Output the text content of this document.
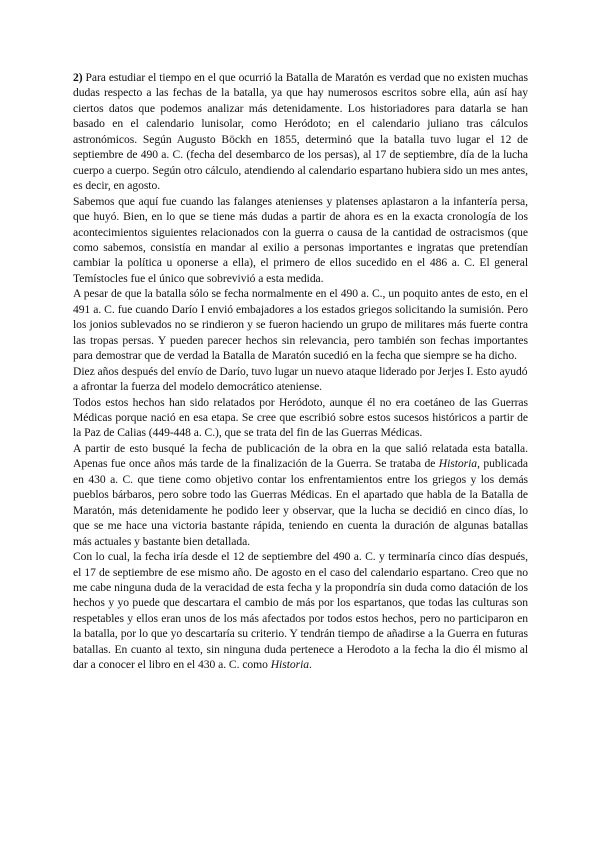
2) Para estudiar el tiempo en el que ocurrió la Batalla de Maratón es verdad que no existen muchas dudas respecto a las fechas de la batalla, ya que hay numerosos escritos sobre ella, aún así hay ciertos datos que podemos analizar más detenidamente. Los historiadores para datarla se han basado en el calendario lunisolar, como Heródoto; en el calendario juliano tras cálculos astronómicos. Según Augusto Böckh en 1855, determinó que la batalla tuvo lugar el 12 de septiembre de 490 a. C. (fecha del desembarco de los persas), al 17 de septiembre, día de la lucha cuerpo a cuerpo. Según otro cálculo, atendiendo al calendario espartano hubiera sido un mes antes, es decir, en agosto.

Sabemos que aquí fue cuando las falanges atenienses y platenses aplastaron a la infantería persa, que huyó. Bien, en lo que se tiene más dudas a partir de ahora es en la exacta cronología de los acontecimientos siguientes relacionados con la guerra o causa de la cantidad de ostracismos (que como sabemos, consistía en mandar al exilio a personas importantes e ingratas que pretendían cambiar la política u oponerse a ella), el primero de ellos sucedido en el 486 a. C. El general Temístocles fue el único que sobrevivió a esta medida.

A pesar de que la batalla sólo se fecha normalmente en el 490 a. C., un poquito antes de esto, en el 491 a. C. fue cuando Darío I envió embajadores a los estados griegos solicitando la sumisión. Pero los jonios sublevados no se rindieron y se fueron haciendo un grupo de militares más fuerte contra las tropas persas. Y pueden parecer hechos sin relevancia, pero también son fechas importantes para demostrar que de verdad la Batalla de Maratón sucedió en la fecha que siempre se ha dicho.

Diez años después del envío de Darío, tuvo lugar un nuevo ataque liderado por Jerjes I. Esto ayudó a afrontar la fuerza del modelo democrático ateniense.

Todos estos hechos han sido relatados por Heródoto, aunque él no era coetáneo de las Guerras Médicas porque nació en esa etapa. Se cree que escribió sobre estos sucesos históricos a partir de la Paz de Calias (449-448 a. C.), que se trata del fin de las Guerras Médicas.

A partir de esto busqué la fecha de publicación de la obra en la que salió relatada esta batalla. Apenas fue once años más tarde de la finalización de la Guerra. Se trataba de Historia, publicada en 430 a. C. que tiene como objetivo contar los enfrentamientos entre los griegos y los demás pueblos bárbaros, pero sobre todo las Guerras Médicas. En el apartado que habla de la Batalla de Maratón, más detenidamente he podido leer y observar, que la lucha se decidió en cinco días, lo que se me hace una victoria bastante rápida, teniendo en cuenta la duración de algunas batallas más actuales y bastante bien detallada.

Con lo cual, la fecha iría desde el 12 de septiembre del 490 a. C. y terminaría cinco días después, el 17 de septiembre de ese mismo año. De agosto en el caso del calendario espartano. Creo que no me cabe ninguna duda de la veracidad de esta fecha y la propondría sin duda como datación de los hechos y yo puede que descartara el cambio de más por los espartanos, que todas las culturas son respetables y ellos eran unos de los más afectados por todos estos hechos, pero no participaron en la batalla, por lo que yo descartaría su criterio. Y tendrán tiempo de añadirse a la Guerra en futuras batallas. En cuanto al texto, sin ninguna duda pertenece a Herodoto a la fecha la dio él mismo al dar a conocer el libro en el 430 a. C. como Historia.
